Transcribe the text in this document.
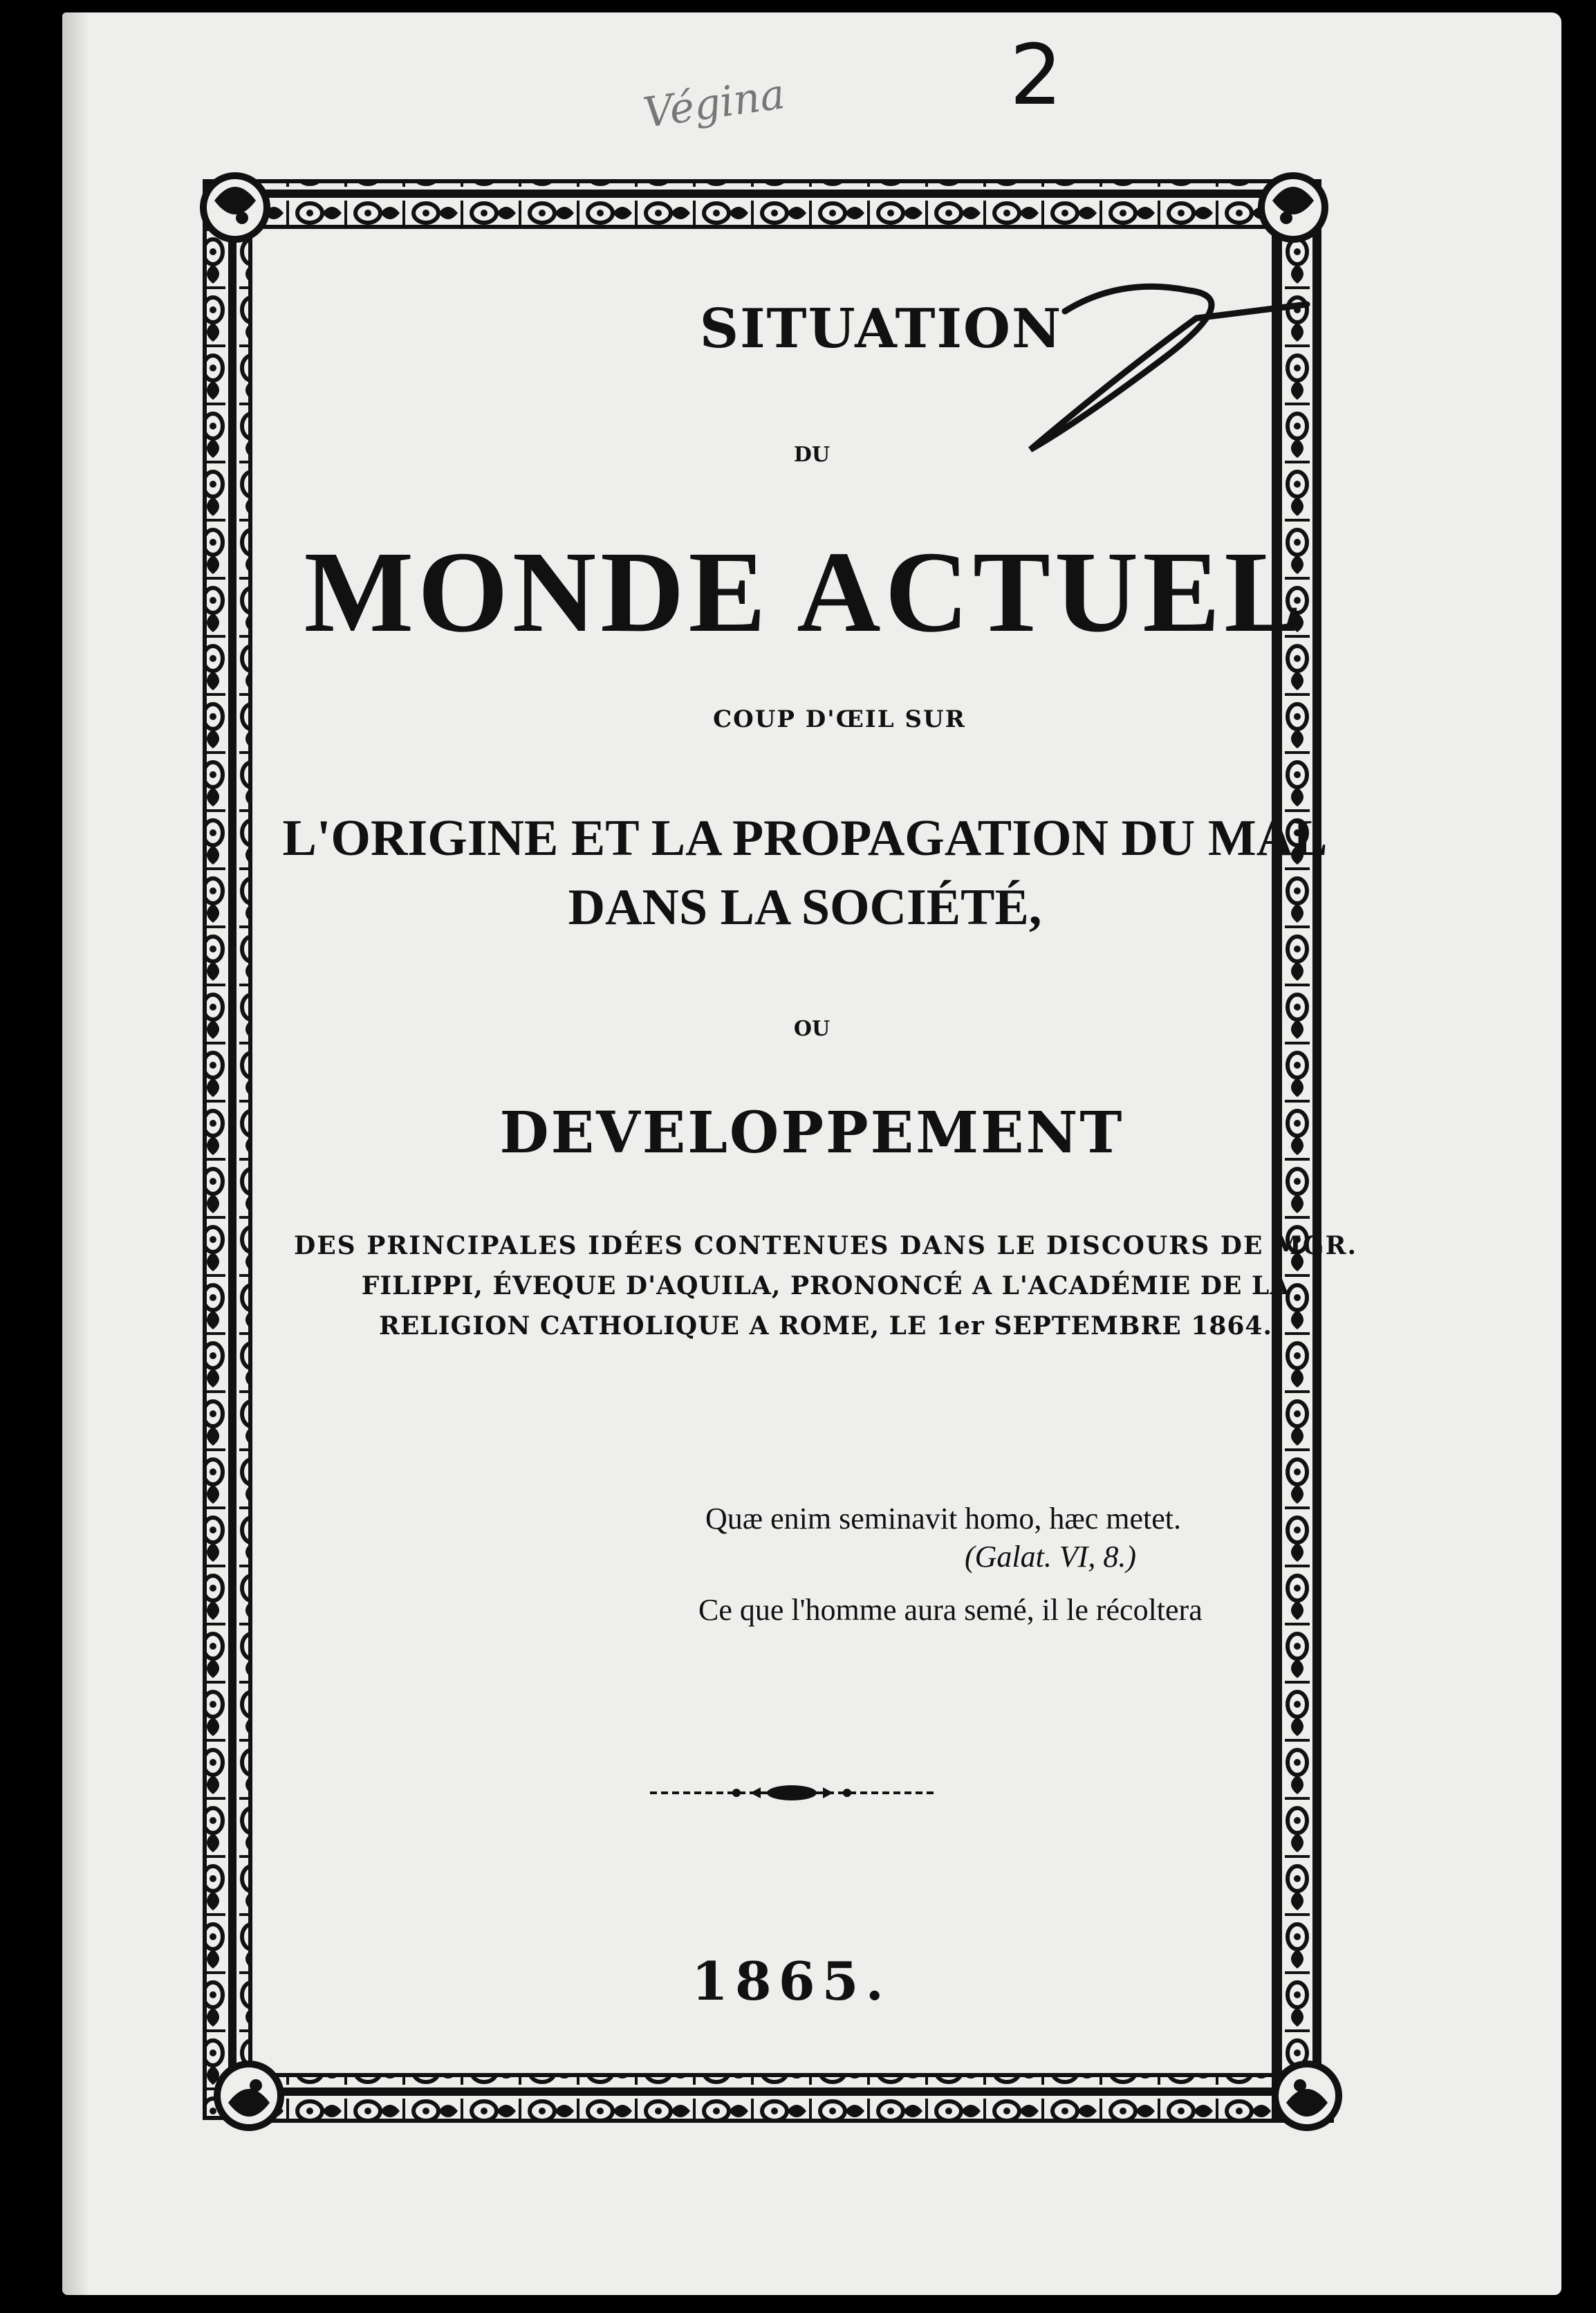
2

Végina

SITUATION

DU

MONDE ACTUEL

COUP D'ŒIL SUR

L'ORIGINE ET LA PROPAGATION DU MAL

DANS LA SOCIÉTÉ,

OU

DEVELOPPEMENT

DES PRINCIPALES IDÉES CONTENUES DANS LE DISCOURS DE MGR.

FILIPPI, ÉVEQUE D'AQUILA, PRONONCÉ A L'ACADÉMIE DE LA

RELIGION CATHOLIQUE A ROME, LE 1er SEPTEMBRE 1864.

Quæ enim seminavit homo, hæc metet.

(Galat. VI, 8.)

Ce que l'homme aura semé, il le récoltera

1865.
